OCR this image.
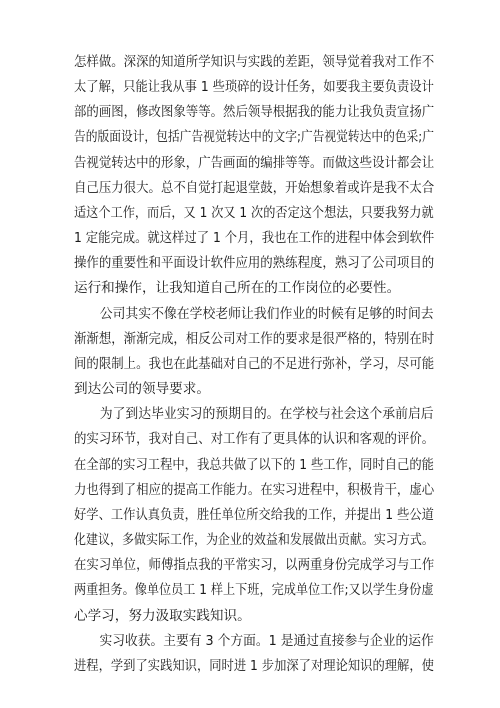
怎样做。深深的知道所学知识与实践的差距，领导觉着我对工作不
太了解，只能让我从事 1 些琐碎的设计任务，如要我主要负责设计
部的画图，修改图象等等。然后领导根据我的能力让我负责宣扬广
告的版面设计，包括广告视觉转达中的文字;广告视觉转达中的色采;广
告视觉转达中的形象，广告画面的编排等等。而做这些设计都会让
自己压力很大。总不自觉打起退堂鼓，开始想象着或许是我不太合
适这个工作，而后，又 1 次又 1 次的否定这个想法，只要我努力就
1 定能完成。就这样过了 1 个月，我也在工作的进程中体会到软件
操作的重要性和平面设计软件应用的熟练程度，熟习了公司项目的
运行和操作，让我知道自己所在的工作岗位的必要性。
　　公司其实不像在学校老师让我们作业的时候有足够的时间去
渐渐想，渐渐完成，相反公司对工作的要求是很严格的，特别在时
间的限制上。我也在此基础对自己的不足进行弥补，学习，尽可能
到达公司的领导要求。
　　为了到达毕业实习的预期目的。在学校与社会这个承前启后
的实习环节，我对自己、对工作有了更具体的认识和客观的评价。
在全部的实习工程中，我总共做了以下的 1 些工作，同时自己的能
力也得到了相应的提高工作能力。在实习进程中，积极肯干，虚心
好学、工作认真负责，胜任单位所交给我的工作，并提出 1 些公道
化建议，多做实际工作，为企业的效益和发展做出贡献。实习方式。
在实习单位，师傅指点我的平常实习，以两重身份完成学习与工作
两重担务。像单位员工 1 样上下班，完成单位工作;又以学生身份虚
心学习，努力汲取实践知识。
　　实习收获。主要有 3 个方面。1 是通过直接参与企业的运作
进程，学到了实践知识，同时进 1 步加深了对理论知识的理解，使
